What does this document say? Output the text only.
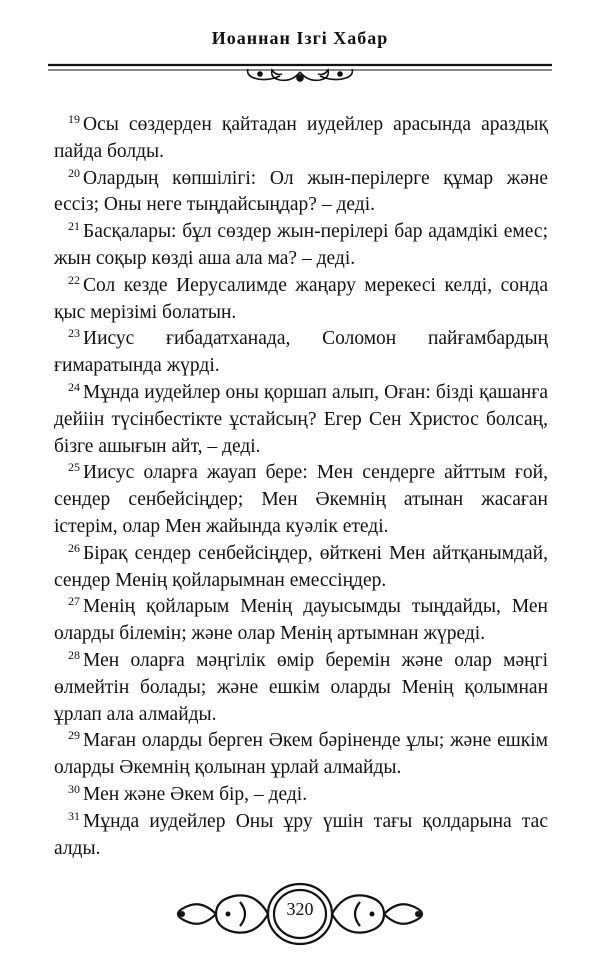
Иоаннан Ізгі Хабар

$^{19}$ Осы сөздерден қайтадан иудейлер арасында араздық пайда болды.

$^{20}$ Олардың көпшілігі: Ол жын-перілерге құмар және ессіз; Оны неге тыңдайсыңдар? – деді.

$^{21}$ Басқалары: бұл сөздер жын-перілері бар адамдікі емес; жын соқыр көзді аша ала ма? – деді.

$^{22}$ Сол кезде Иерусалимде жаңару мерекесі келді, сонда қыс мерізімі болатын.

$^{23}$ Иисус ғибадатханада, Соломон пайғамбардың ғимаратында жүрді.

$^{24}$ Мұнда иудейлер оны қоршап алып, Оған: бізді қашанға дейіін түсінбестікте ұстайсың? Егер Сен Христос болсаң, бізге ашығын айт, – деді.

$^{25}$ Иисус оларға жауап бере: Мен сендерге айттым ғой, сендер сенбейсіңдер; Мен Әкемнің атынан жасаған істерім, олар Мен жайында куәлік етеді.

$^{26}$ Бірақ сендер сенбейсіңдер, өйткені Мен айтқанымдай, сендер Менің қойларымнан емессіңдер.

$^{27}$ Менің қойларым Менің дауысымды тыңдайды, Мен оларды білемін; және олар Менің артымнан жүреді.

$^{28}$ Мен оларға мәңгілік өмір беремін және олар мәңгі өлмейтін болады; және ешкім оларды Менің қолымнан ұрлап ала алмайды.

$^{29}$ Маған оларды берген Әкем бәріненде ұлы; және ешкім оларды Әкемнің қолынан ұрлай алмайды.

$^{30}$ Мен және Әкем бір, – деді.

$^{31}$ Мұнда иудейлер Оны ұру үшін тағы қолдарына тас алды.

320
